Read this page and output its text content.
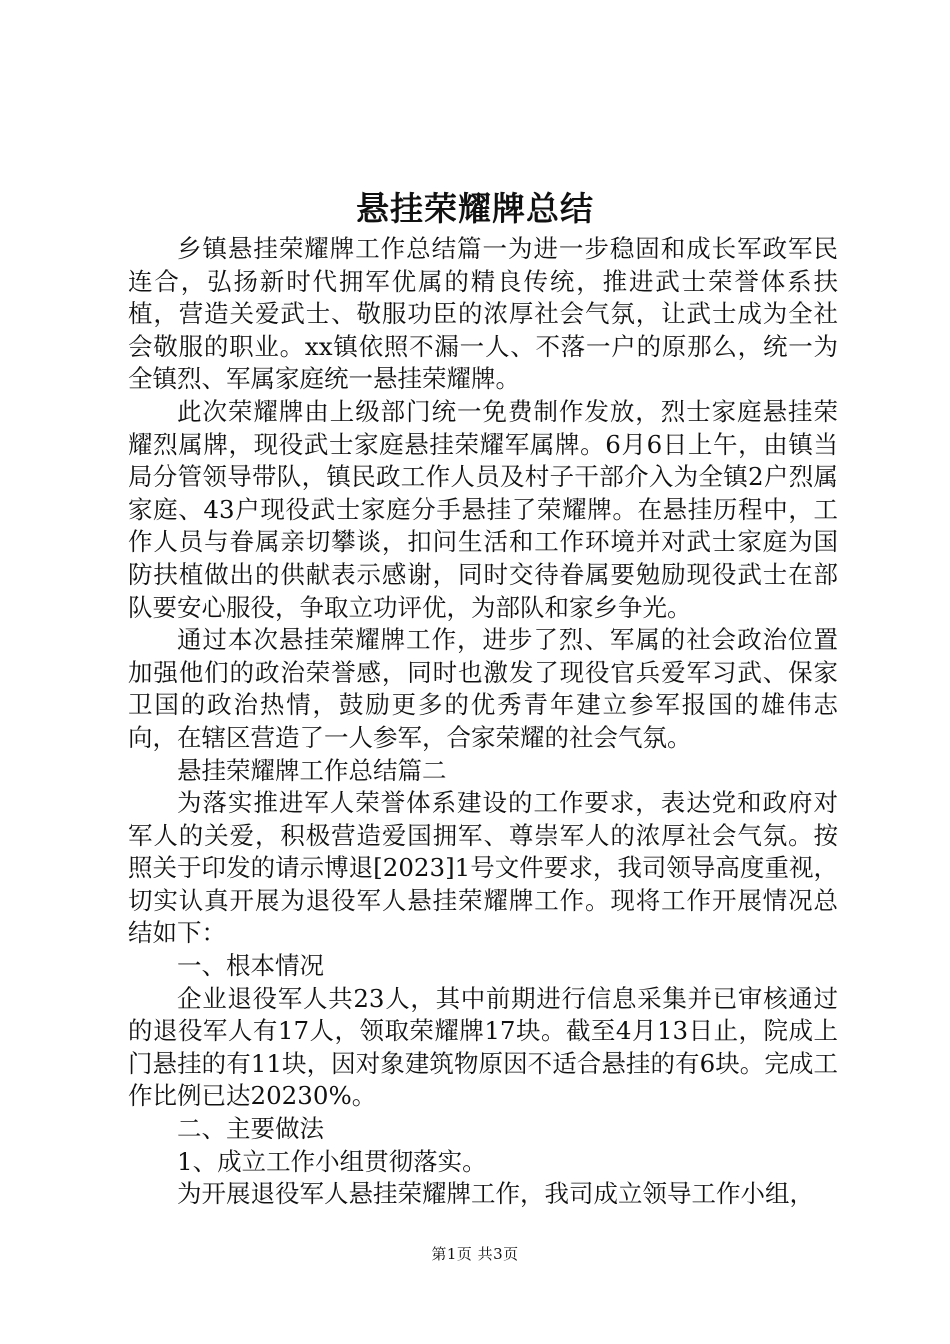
悬挂荣耀牌总结

乡镇悬挂荣耀牌工作总结篇一为进一步稳固和成长军政军民连合，弘扬新时代拥军优属的精良传统，推进武士荣誉体系扶植，营造关爱武士、敬服功臣的浓厚社会气氛，让武士成为全社会敬服的职业。xx镇依照不漏一人、不落一户的原那么，统一为全镇烈、军属家庭统一悬挂荣耀牌。

此次荣耀牌由上级部门统一免费制作发放，烈士家庭悬挂荣耀烈属牌，现役武士家庭悬挂荣耀军属牌。6月6日上午，由镇当局分管领导带队，镇民政工作人员及村子干部介入为全镇2户烈属家庭、43户现役武士家庭分手悬挂了荣耀牌。在悬挂历程中，工作人员与眷属亲切攀谈，扣问生活和工作环境并对武士家庭为国防扶植做出的供献表示感谢，同时交待眷属要勉励现役武士在部队要安心服役，争取立功评优，为部队和家乡争光。

通过本次悬挂荣耀牌工作，进步了烈、军属的社会政治位置加强他们的政治荣誉感，同时也激发了现役官兵爱军习武、保家卫国的政治热情，鼓励更多的优秀青年建立参军报国的雄伟志向，在辖区营造了一人参军，合家荣耀的社会气氛。

悬挂荣耀牌工作总结篇二

为落实推进军人荣誉体系建设的工作要求，表达党和政府对军人的关爱，积极营造爱国拥军、尊崇军人的浓厚社会气氛。按照关于印发的请示博退[2023]1号文件要求，我司领导高度重视，切实认真开展为退役军人悬挂荣耀牌工作。现将工作开展情况总结如下：

一、根本情况

企业退役军人共23人，其中前期进行信息采集并已审核通过的退役军人有17人，领取荣耀牌17块。截至4月13日止，院成上门悬挂的有11块，因对象建筑物原因不适合悬挂的有6块。完成工作比例已达20230%。

二、主要做法

1、成立工作小组贯彻落实。

为开展退役军人悬挂荣耀牌工作，我司成立领导工作小组，

第1页 共3页
